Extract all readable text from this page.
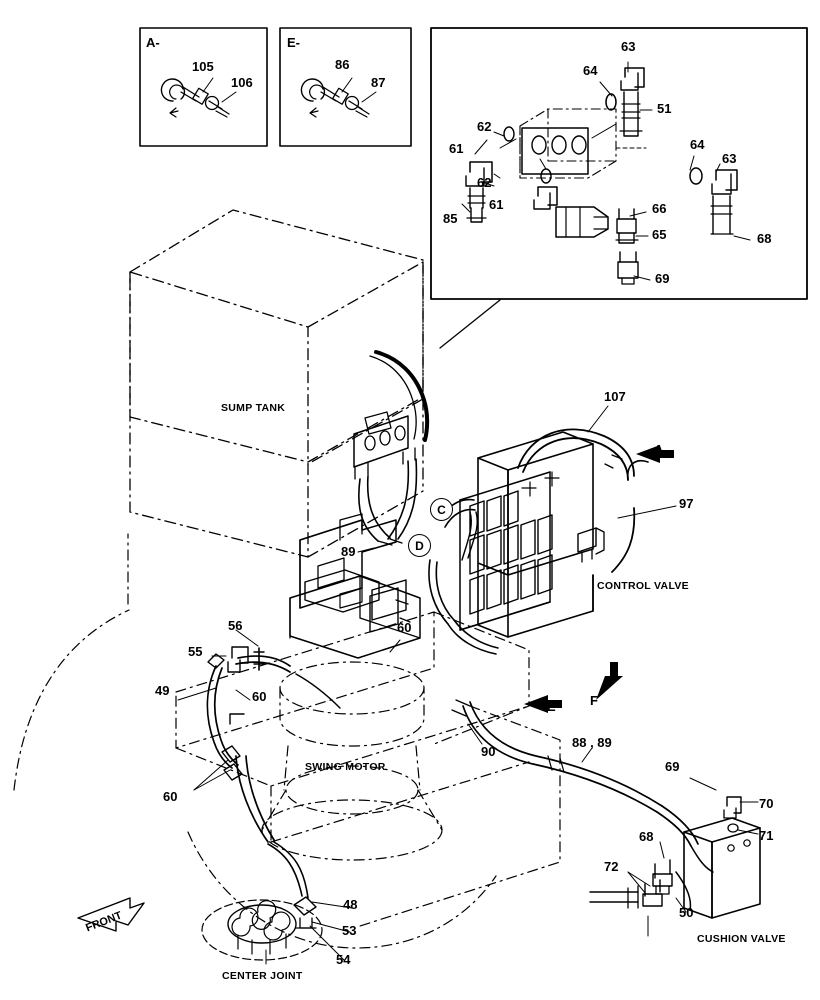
A-	E-
105
106
86
87
63
64
51
62
61
62
61
85
66
65
69
64
63
68
SUMP TANK
CONTROL VALVE
SWING MOTOR
CENTER JOINT
CUSHION VALVE
FRONT
107
97
89
56
55
49	60
60
60
90
88 , 89
69
70
71
68
72
50
48
53
54
A
C
D
E	F
